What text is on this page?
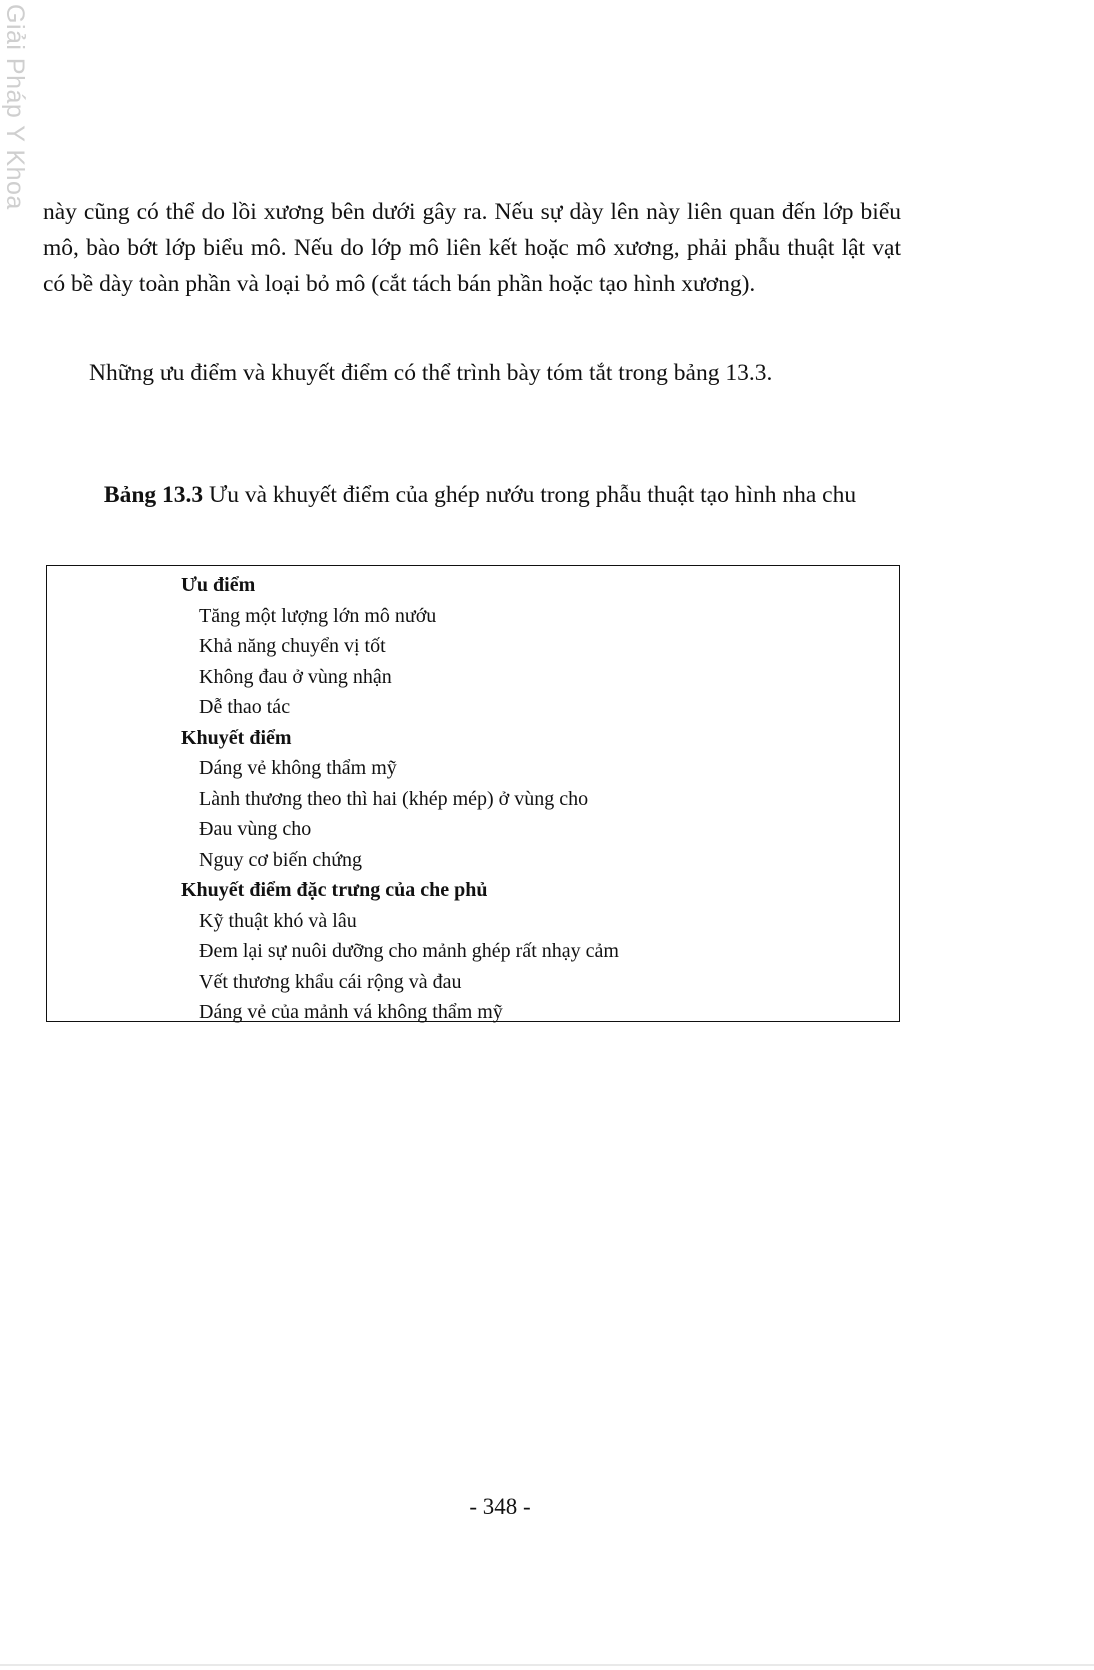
Giải Pháp Y Khoa

này cũng có thể do lồi xương bên dưới gây ra. Nếu sự dày lên này liên quan đến lớp biểu mô, bào bớt lớp biểu mô. Nếu do lớp mô liên kết hoặc mô xương, phải phẫu thuật lật vạt có bề dày toàn phần và loại bỏ mô (cắt tách bán phần hoặc tạo hình xương).

Những ưu điểm và khuyết điểm có thể trình bày tóm tắt trong bảng 13.3.

Bảng 13.3 Ưu và khuyết điểm của ghép nướu trong phẫu thuật tạo hình nha chu

Ưu điểm
Tăng một lượng lớn mô nướu
Khả năng chuyển vị tốt
Không đau ở vùng nhận
Dễ thao tác
Khuyết điểm
Dáng vẻ không thẩm mỹ
Lành thương theo thì hai (khép mép) ở vùng cho
Đau vùng cho
Nguy cơ biến chứng
Khuyết điểm đặc trưng của che phủ
Kỹ thuật khó và lâu
Đem lại sự nuôi dưỡng cho mảnh ghép rất nhạy cảm
Vết thương khẩu cái rộng và đau
Dáng vẻ của mảnh vá không thẩm mỹ
- 348 -
